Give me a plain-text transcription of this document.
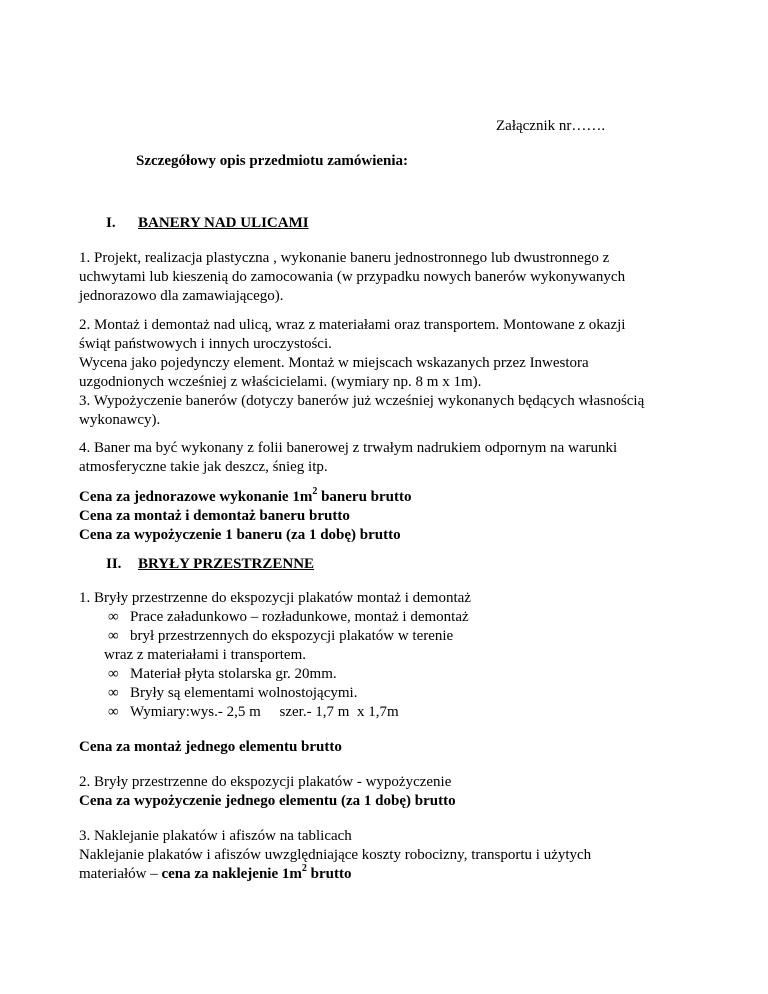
Załącznik nr…….
Szczegółowy opis przedmiotu zamówienia:
I. BANERY NAD ULICAMI
1. Projekt, realizacja plastyczna , wykonanie baneru jednostronnego lub dwustronnego z
uchwytami lub kieszenią do zamocowania (w przypadku nowych banerów wykonywanych
jednorazowo dla zamawiającego).
2. Montaż i demontaż nad ulicą, wraz z materiałami oraz transportem. Montowane z okazji
świąt państwowych i innych uroczystości.
Wycena jako pojedynczy element. Montaż w miejscach wskazanych przez Inwestora
uzgodnionych wcześniej z właścicielami. (wymiary np. 8 m x 1m).
3. Wypożyczenie banerów (dotyczy banerów już wcześniej wykonanych będących własnością
wykonawcy).
4. Baner ma być wykonany z folii banerowej z trwałym nadrukiem odpornym na warunki
atmosferyczne takie jak deszcz, śnieg itp.
Cena za jednorazowe wykonanie $1m^2$ baneru brutto
Cena za montaż i demontaż baneru brutto
Cena za wypożyczenie 1 baneru (za 1 dobę) brutto
II. BRYŁY PRZESTRZENNE
1. Bryły przestrzenne do ekspozycji plakatów montaż i demontaż
∞ Prace załadunkowo – rozładunkowe, montaż i demontaż
∞ brył przestrzennych do ekspozycji plakatów w terenie
wraz z materiałami i transportem.
∞ Materiał płyta stolarska gr. 20mm.
∞ Bryły są elementami wolnostojącymi.
∞ Wymiary:wys.- 2,5 m     szer.- 1,7 m  x 1,7m
Cena za montaż jednego elementu brutto
2. Bryły przestrzenne do ekspozycji plakatów - wypożyczenie
Cena za wypożyczenie jednego elementu (za 1 dobę) brutto
3. Naklejanie plakatów i afiszów na tablicach
Naklejanie plakatów i afiszów uwzględniające koszty robocizny, transportu i użytych
materiałów – cena za naklejenie $1m^2$ brutto
